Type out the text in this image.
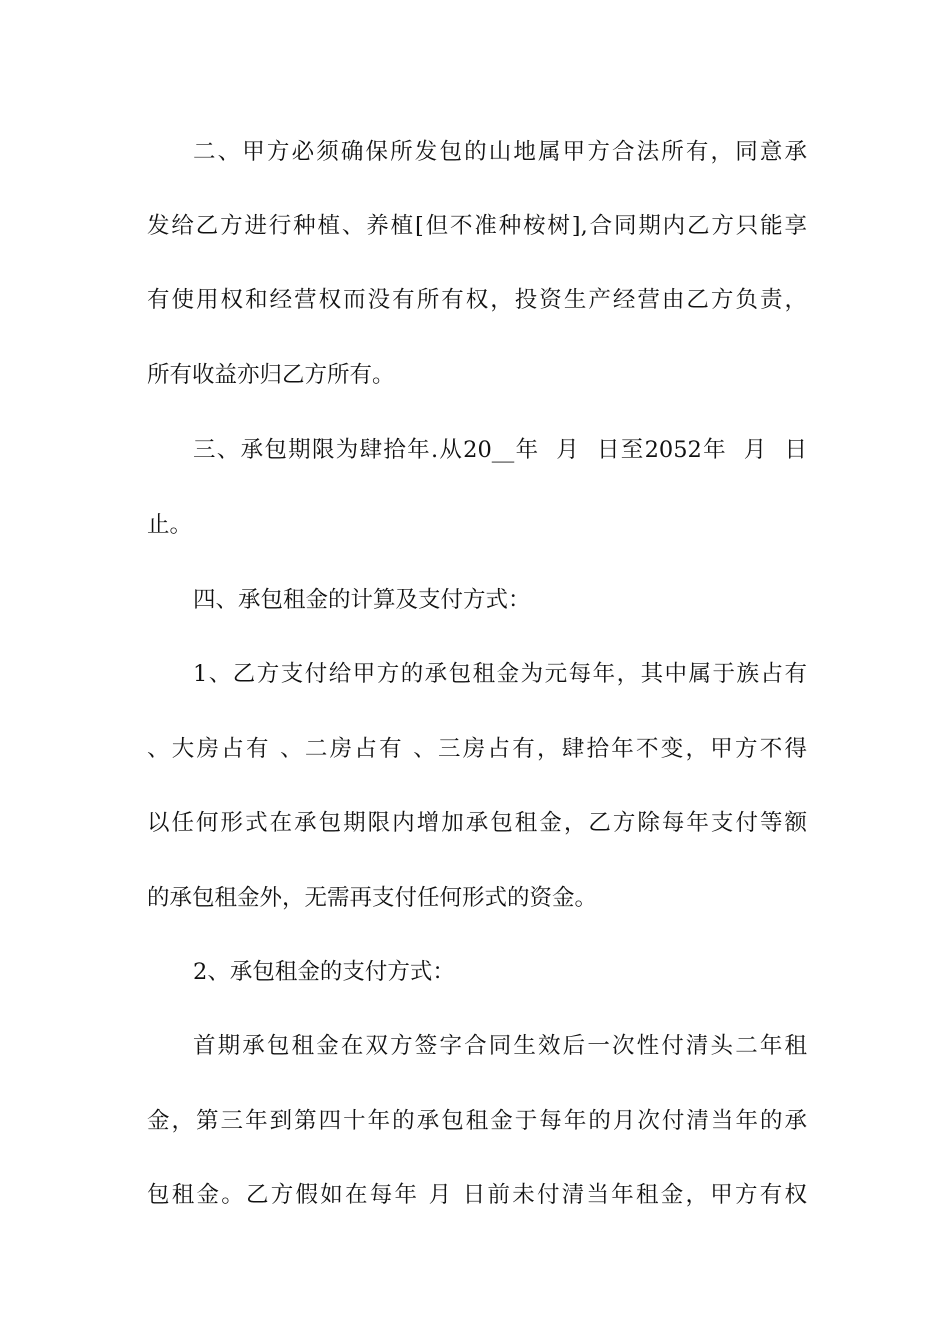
二、甲方必须确保所发包的山地属甲方合法所有，同意承
发给乙方进行种植、养植[但不准种桉树],合同期内乙方只能享
有使用权和经营权而没有所有权，投资生产经营由乙方负责，
所有收益亦归乙方所有。
三、承包期限为肆拾年.从20__年  月  日至2052年  月  日
止。
四、承包租金的计算及支付方式：
1、乙方支付给甲方的承包租金为元每年，其中属于族占有
、大房占有 、二房占有 、三房占有，肆拾年不变，甲方不得
以任何形式在承包期限内增加承包租金，乙方除每年支付等额
的承包租金外，无需再支付任何形式的资金。
2、承包租金的支付方式：
首期承包租金在双方签字合同生效后一次性付清头二年租
金，第三年到第四十年的承包租金于每年的月次付清当年的承
包租金。乙方假如在每年 月 日前未付清当年租金，甲方有权
